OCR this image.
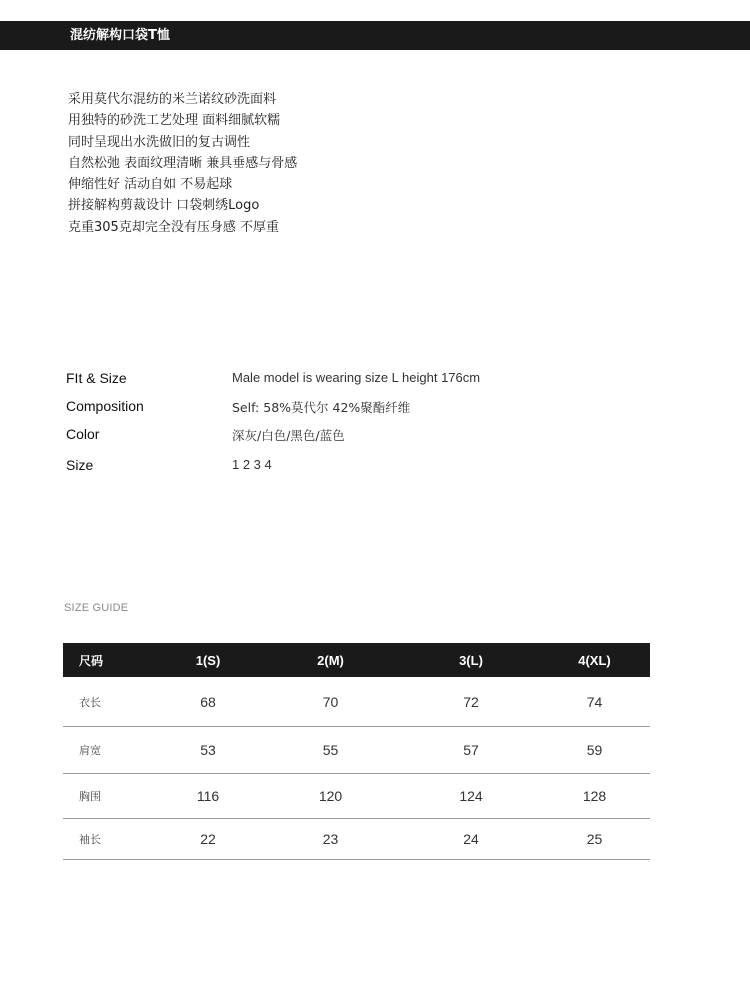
混纺解构口袋T恤
采用莫代尔混纺的米兰诺纹砂洗面料
用独特的砂洗工艺处理 面料细腻软糯
同时呈现出水洗做旧的复古调性
自然松弛 表面纹理清晰 兼具垂感与骨感
伸缩性好 活动自如 不易起球
拼接解构剪裁设计 口袋刺绣Logo
克重305克却完全没有压身感 不厚重
FIt & Size	Male model is wearing size L height 176cm
Composition	Self: 58%莫代尔 42%聚酯纤维
Color	深灰/白色/黑色/蓝色
Size	1 2 3 4
SIZE GUIDE
尺码	1(S)	2(M)	3(L)	4(XL)
衣长	68	70	72	74
肩宽	53	55	57	59
胸围	116	120	124	128
袖长	22	23	24	25
